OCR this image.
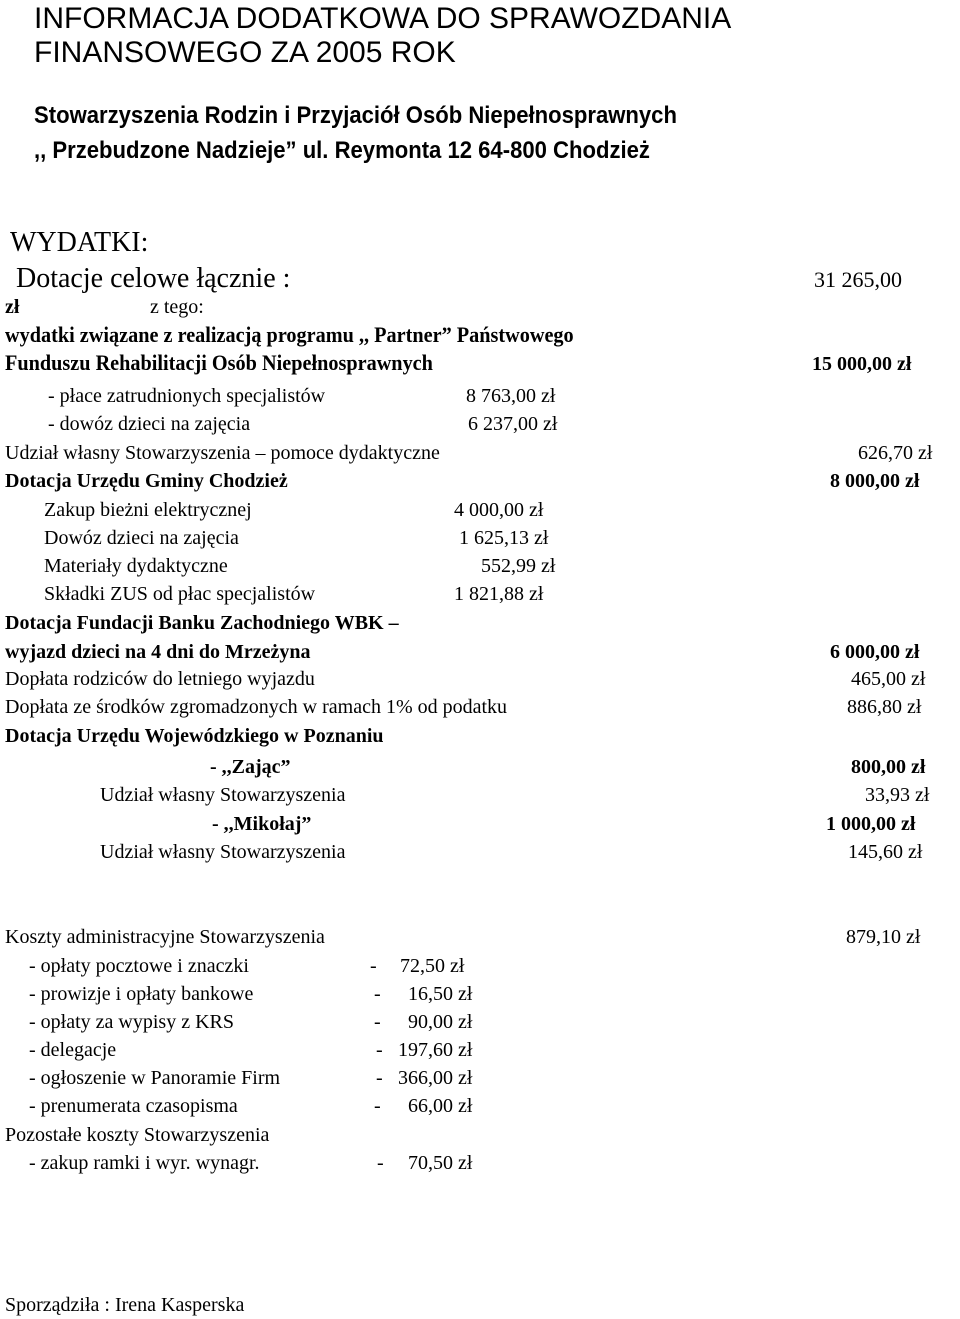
INFORMACJA DODATKOWA DO SPRAWOZDANIA
FINANSOWEGO ZA 2005 ROK
Stowarzyszenia Rodzin i Przyjaciół Osób Niepełnosprawnych
,, Przebudzone Nadzieje” ul. Reymonta 12 64-800 Chodzież
WYDATKI:
Dotacje celowe łącznie :	31 265,00
zł	z tego:
wydatki związane z realizacją programu ,, Partner” Państwowego
Funduszu Rehabilitacji Osób Niepełnosprawnych	15 000,00 zł
- płace zatrudnionych specjalistów	8 763,00 zł
- dowóz dzieci na zajęcia	6 237,00 zł
Udział własny Stowarzyszenia – pomoce dydaktyczne	626,70 zł
Dotacja Urzędu Gminy Chodzież	8 000,00 zł
Zakup bieżni elektrycznej	4 000,00 zł
Dowóz dzieci na zajęcia	1 625,13 zł
Materiały dydaktyczne	552,99 zł
Składki ZUS od płac specjalistów	1 821,88 zł
Dotacja Fundacji Banku Zachodniego WBK –
wyjazd dzieci na 4 dni do Mrzeżyna	6 000,00 zł
Dopłata rodziców do letniego wyjazdu	465,00 zł
Dopłata ze środków zgromadzonych w ramach 1% od podatku	886,80 zł
Dotacja Urzędu Wojewódzkiego w Poznaniu
- ,,Zając”	800,00 zł
Udział własny Stowarzyszenia	33,93 zł
- ,,Mikołaj”	1 000,00 zł
Udział własny Stowarzyszenia	145,60 zł
Koszty administracyjne Stowarzyszenia	879,10 zł
- opłaty pocztowe i znaczki	- 72,50 zł
- prowizje i opłaty bankowe	- 16,50 zł
- opłaty za wypisy z KRS	- 90,00 zł
- delegacje	- 197,60 zł
- ogłoszenie w Panoramie Firm	- 366,00 zł
- prenumerata czasopisma	- 66,00 zł
Pozostałe koszty Stowarzyszenia
- zakup ramki i wyr. wynagr.	- 70,50 zł
Sporządziła : Irena Kasperska
